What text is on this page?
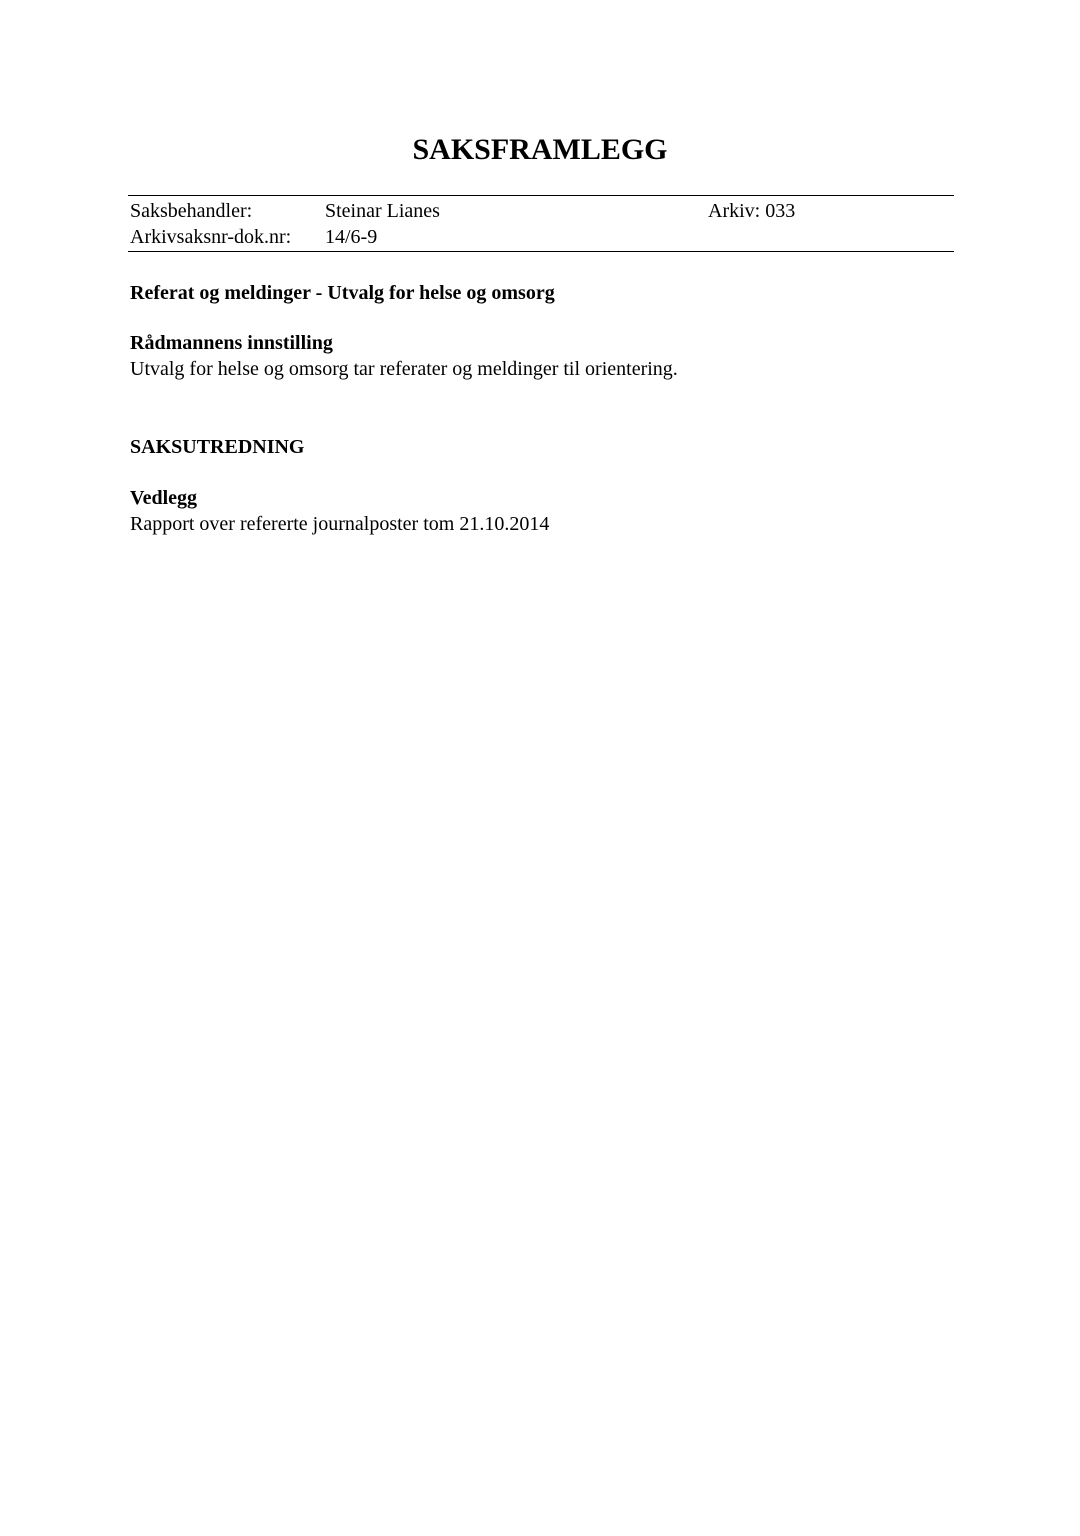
SAKSFRAMLEGG
Saksbehandler:	Steinar Lianes	Arkiv: 033
Arkivsaksnr-dok.nr: 14/6-9

Referat og meldinger - Utvalg for helse og omsorg

Rådmannens innstilling

Utvalg for helse og omsorg tar referater og meldinger til orientering.

SAKSUTREDNING

Vedlegg

Rapport over refererte journalposter tom 21.10.2014
